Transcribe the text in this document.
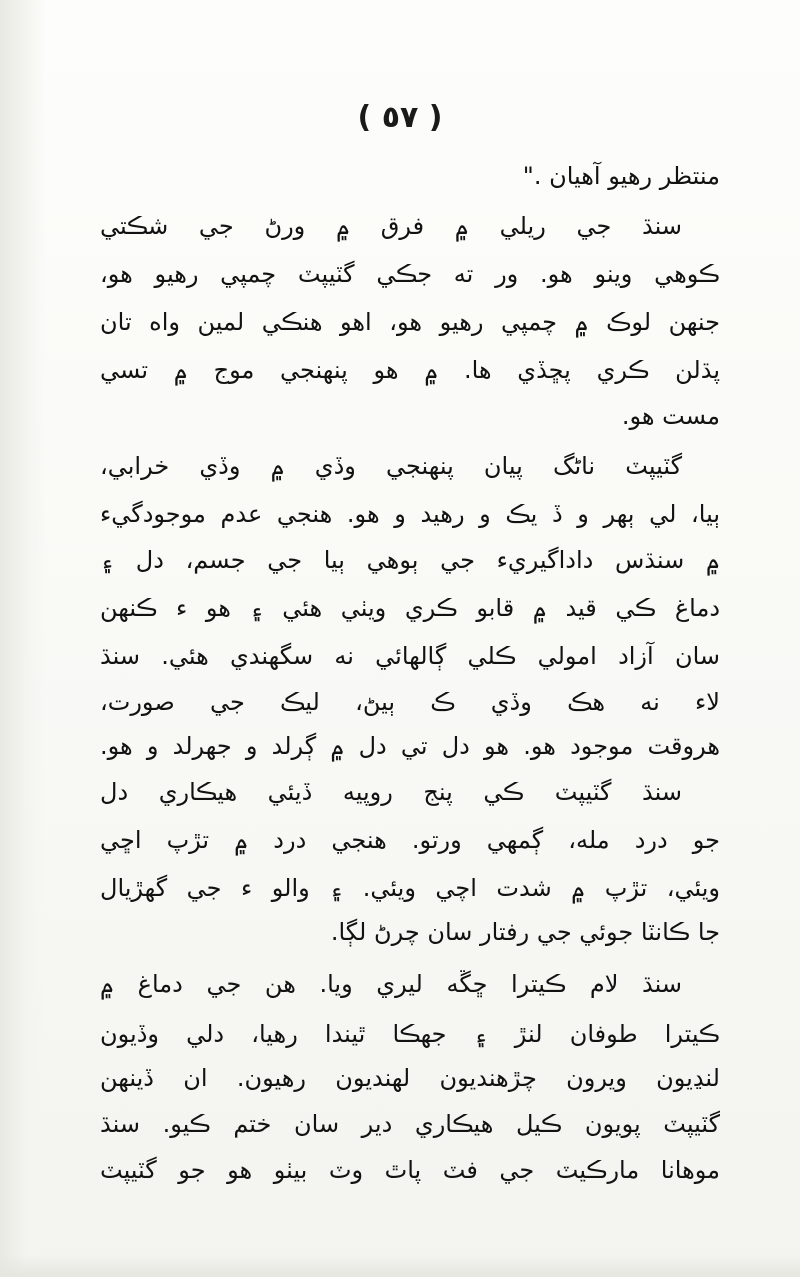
( ٥٧ )
منتظر رهيو آهيان ."
سنڌ جي ريلي ۾ فرق ۾ ورڻ جي شڪتي
ڪوهي وينو هو. ور ته جڪي گٽيپٽ چمپي رهيو هو،
جنهن لوڪ ۾ چمپي رهيو هو، اهو هنڪي لمين واه تان
پڌلن ڪري پڇڏي ها. ۾ هو پنهنجي موج ۾ تسي
مست هو.
گٽيپٽ ناڻگ پيان پنهنجي وڏي ۾ وڏي خرابي،
ٻيا، لي ٻهر و ڏ يڪ و رهيد و هو. هنجي عدم موجودگيء
۾ سنڌس داداگيريء جي ٻوهي ٻيا جي جسم، دل ۽
دماغ ڪي قيد ۾ قابو ڪري ويٺي هئي ۽ هو ء ڪنهن
سان آزاد امولي ڪلي ڳالهائي نه سگهندي هئي. سنڌ
لاء نه هڪ وڏي ڪ ٻيڻ، ليڪ جي صورت،
هروقت موجود هو. هو دل تي دل ۾ ڳرلد و جهرلد و هو.
سنڌ گٽيپٽ ڪي پنج روپيه ڏيئي هيڪاري دل
جو درد مله، ڳمهي ورتو. هنجي درد ۾ تڙپ اڇي
ويئي، تڙپ ۾ شدت اچي ويئي. ۽ والو ء جي گهڙيال
جا ڪانٽا جوئي جي رفتار سان چرڻ لڳا.
سنڌ لام ڪيترا ڇڱه ليري ويا. هن جي دماغ ۾
ڪيترا طوفان لنڙ ۽ جهڪا ٿيندا رهيا، دلي وڏيون
لنڍيون ويرون چڙهنديون لهنديون رهيون. ان ڏينهن
گٽيپٽ پويون ڪيل هيڪاري دير سان ختم ڪيو. سنڌ
موهانا مارڪيٽ جي فٽ پاٿ وٽ بيٺو هو جو گٽيپٽ
